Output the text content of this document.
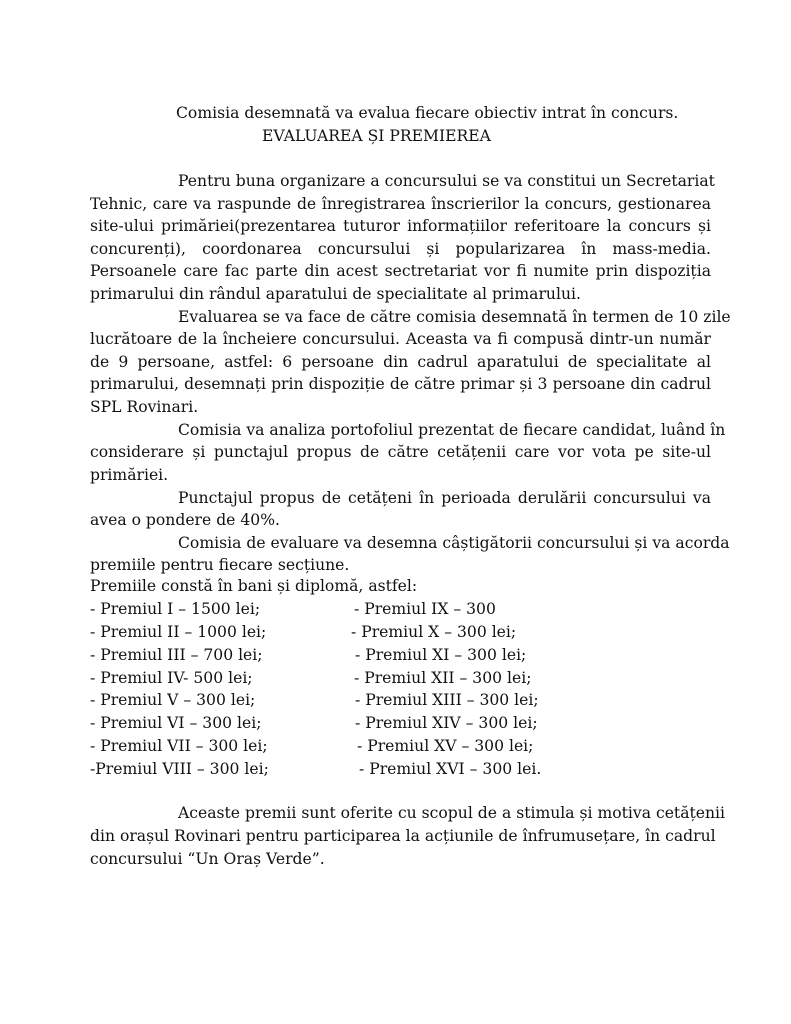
Comisia desemnată va evalua fiecare obiectiv intrat în concurs.
EVALUAREA ȘI PREMIEREA
Pentru buna organizare a concursului se va constitui un Secretariat
Tehnic, care va raspunde de înregistrarea înscrierilor la concurs, gestionarea
site-ului primăriei(prezentarea tuturor informațiilor referitoare la concurs și
concurenți), coordonarea concursului și popularizarea în mass-media.
Persoanele care fac parte din acest sectretariat vor fi numite prin dispoziția
primarului din rândul aparatului de specialitate al primarului.
Evaluarea se va face de către comisia desemnată în termen de 10 zile
lucrătoare de la încheiere concursului. Aceasta va fi compusă dintr-un număr
de 9 persoane, astfel: 6 persoane din cadrul aparatului de specialitate al
primarului, desemnați prin dispoziție de către primar și 3 persoane din cadrul
SPL Rovinari.
Comisia va analiza portofoliul prezentat de fiecare candidat, luând în
considerare și punctajul propus de către cetățenii care vor vota pe site-ul
primăriei.
Punctajul propus de cetățeni în perioada derulării concursului va
avea o pondere de 40%.
Comisia de evaluare va desemna câștigătorii concursului și va acorda
premiile pentru fiecare secțiune.
Premiile constă în bani și diplomă, astfel:
- Premiul I – 1500 lei;
- Premiul II – 1000 lei;
- Premiul III – 700 lei;
- Premiul IV- 500 lei;
- Premiul V – 300 lei;
- Premiul VI – 300 lei;
- Premiul VII – 300 lei;
-Premiul VIII – 300 lei;
- Premiul IX – 300
- Premiul X – 300 lei;
- Premiul XI – 300 lei;
- Premiul XII – 300 lei;
- Premiul XIII – 300 lei;
- Premiul XIV – 300 lei;
- Premiul XV – 300 lei;
- Premiul XVI – 300 lei.
Aceaste premii sunt oferite cu scopul de a stimula și motiva cetățenii
din orașul Rovinari pentru participarea la acțiunile de înfrumusețare, în cadrul
concursului “Un Oraș Verde”.
